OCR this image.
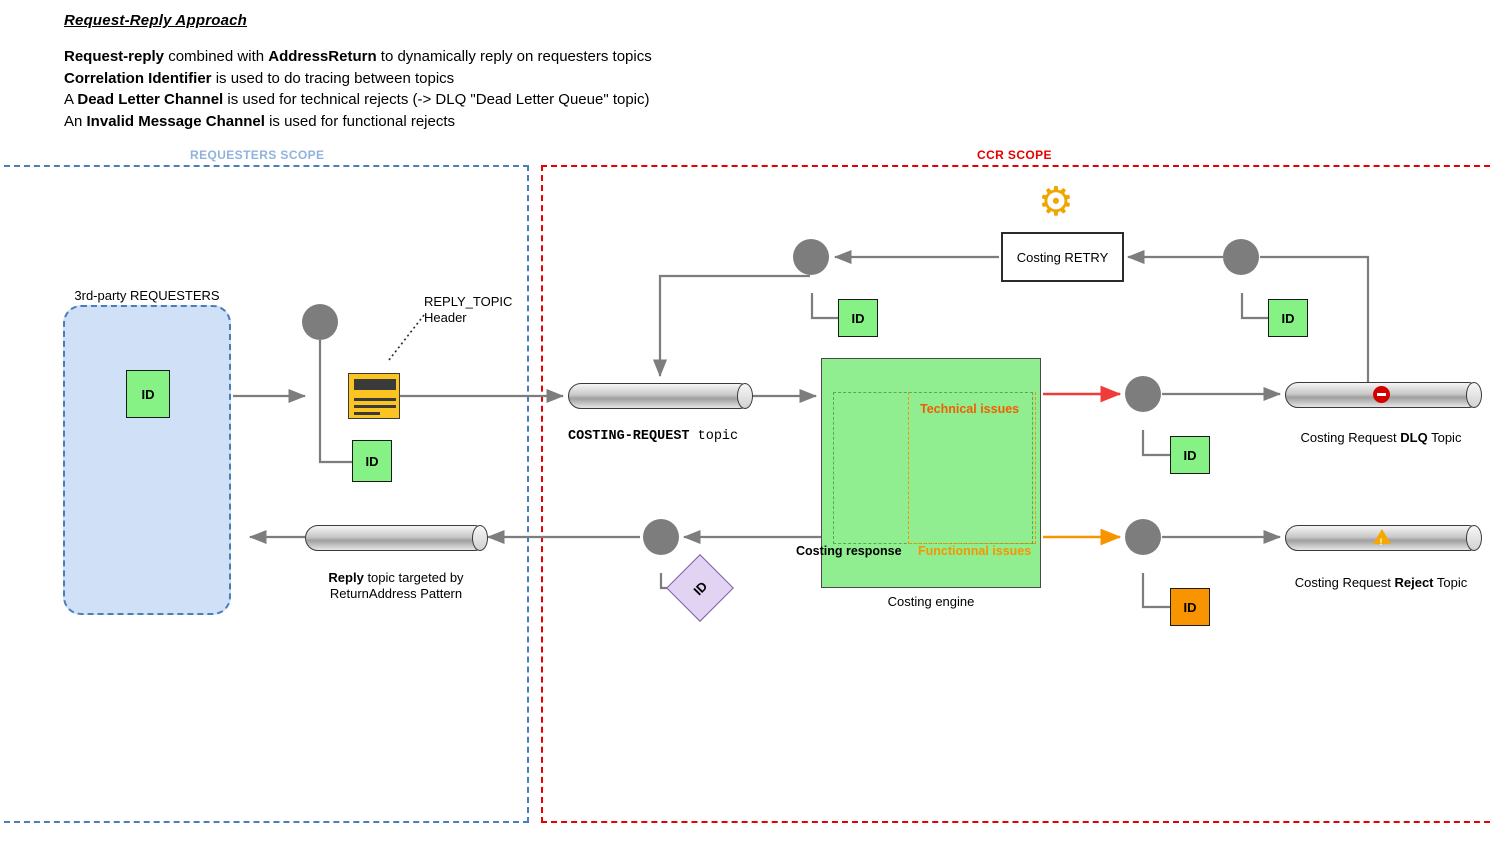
Request-Reply Approach
Request-reply combined with AddressReturn to dynamically reply on requesters topics
Correlation Identifier is used to do tracing between topics
A Dead Letter Channel is used for technical rejects (-> DLQ "Dead Letter Queue" topic)
An Invalid Message Channel is used for functional rejects
REQUESTERS SCOPE	CCR SCOPE
3rd-party REQUESTERS
ID
ID
REPLY_TOPIC
Header
COSTING-REQUEST topic
Costing engine
Technical issues
Functionnal issues
Costing response
⚙
Costing RETRY
ID	ID
ID
Costing Request DLQ Topic
ID
!
Costing Request Reject Topic
ID
Reply topic targeted by
ReturnAddress Pattern
